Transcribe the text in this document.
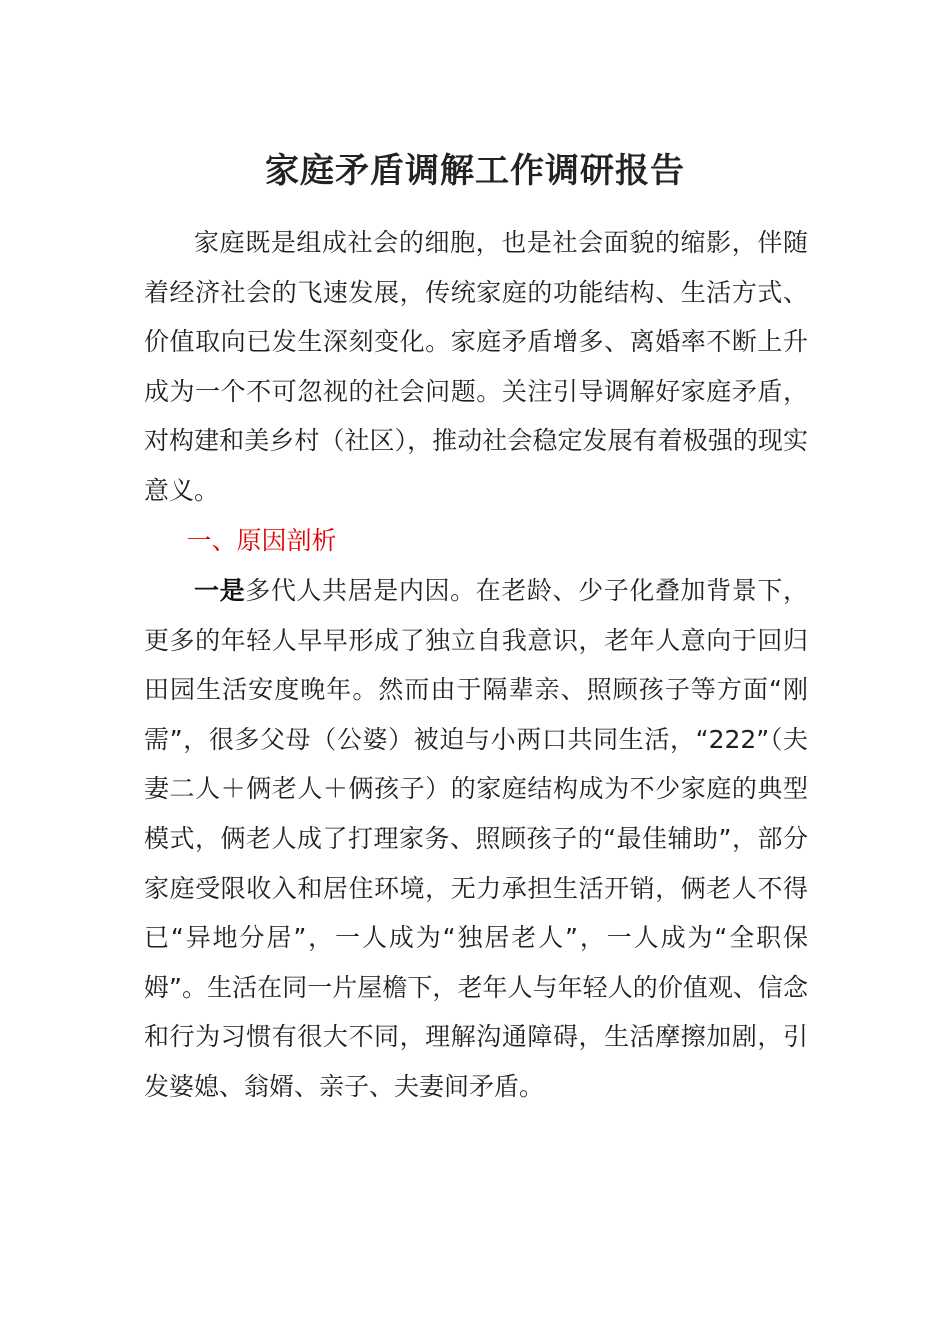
家庭矛盾调解工作调研报告

家庭既是组成社会的细胞，也是社会面貌的缩影，伴随着经济社会的飞速发展，传统家庭的功能结构、生活方式、价值取向已发生深刻变化。家庭矛盾增多、离婚率不断上升成为一个不可忽视的社会问题。关注引导调解好家庭矛盾，对构建和美乡村（社区），推动社会稳定发展有着极强的现实意义。

一、原因剖析

一是多代人共居是内因。在老龄、少子化叠加背景下，更多的年轻人早早形成了独立自我意识，老年人意向于回归田园生活安度晚年。然而由于隔辈亲、照顾孩子等方面“刚需”，很多父母（公婆）被迫与小两口共同生活，“222”（夫妻二人＋俩老人＋俩孩子）的家庭结构成为不少家庭的典型模式，俩老人成了打理家务、照顾孩子的“最佳辅助”，部分家庭受限收入和居住环境，无力承担生活开销，俩老人不得已“异地分居”，一人成为“独居老人”，一人成为“全职保姆”。生活在同一片屋檐下，老年人与年轻人的价值观、信念和行为习惯有很大不同，理解沟通障碍，生活摩擦加剧，引发婆媳、翁婿、亲子、夫妻间矛盾。
